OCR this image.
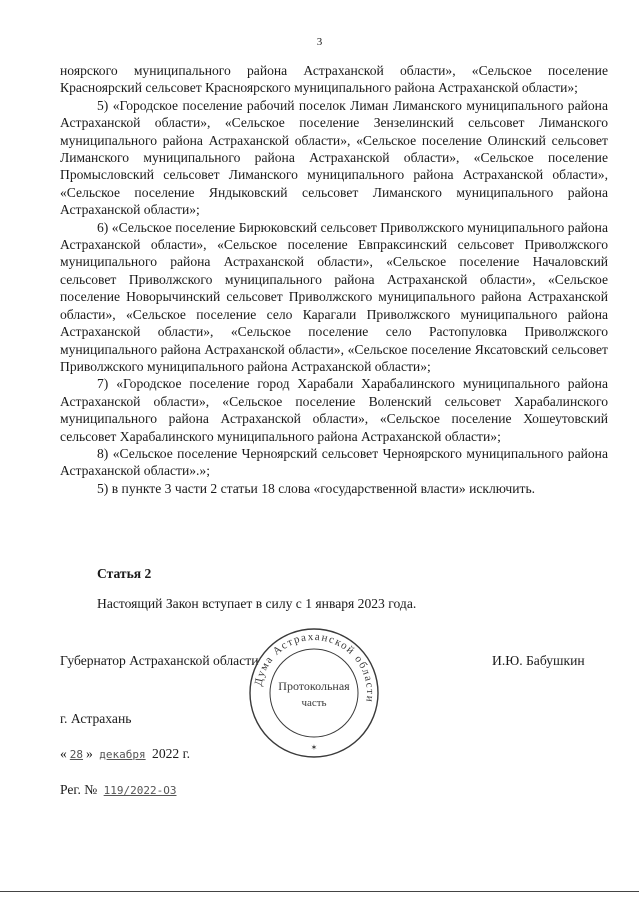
3

ноярского муниципального района Астраханской области», «Сельское поселение Красноярский сельсовет Красноярского муниципального района Астраханской области»;

5) «Городское поселение рабочий поселок Лиман Лиманского муниципального района Астраханской области», «Сельское поселение Зензелинский сельсовет Лиманского муниципального района Астраханской области», «Сельское поселение Олинский сельсовет Лиманского муниципального района Астраханской области», «Сельское поселение Промысловский сельсовет Лиманского муниципального района Астраханской области», «Сельское поселение Яндыковский сельсовет Лиманского муниципального района Астраханской области»;

6) «Сельское поселение Бирюковский сельсовет Приволжского муниципального района Астраханской области», «Сельское поселение Евпраксинский сельсовет Приволжского муниципального района Астраханской области», «Сельское поселение Началовский сельсовет Приволжского муниципального района Астраханской области», «Сельское поселение Новорычинский сельсовет Приволжского муниципального района Астраханской области», «Сельское поселение село Карагали Приволжского муниципального района Астраханской области», «Сельское поселение село Растопуловка Приволжского муниципального района Астраханской области», «Сельское поселение Яксатовский сельсовет Приволжского муниципального района Астраханской области»;

7) «Городское поселение город Харабали Харабалинского муниципального района Астраханской области», «Сельское поселение Воленский сельсовет Харабалинского муниципального района Астраханской области», «Сельское поселение Хошеутовский сельсовет Харабалинского муниципального района Астраханской области»;

8) «Сельское поселение Черноярский сельсовет Черноярского муниципального района Астраханской области».»;

5) в пункте 3 части 2 статьи 18 слова «государственной власти» исключить.

Статья 2
Настоящий Закон вступает в силу с 1 января 2023 года.
Губернатор Астраханской области	И.Ю. Бабушкин
Дума Астраханской области
Протокольная
часть
✶
г. Астрахань
« 28 » декабря 2022 г.
Рег. № 119/2022-ОЗ
